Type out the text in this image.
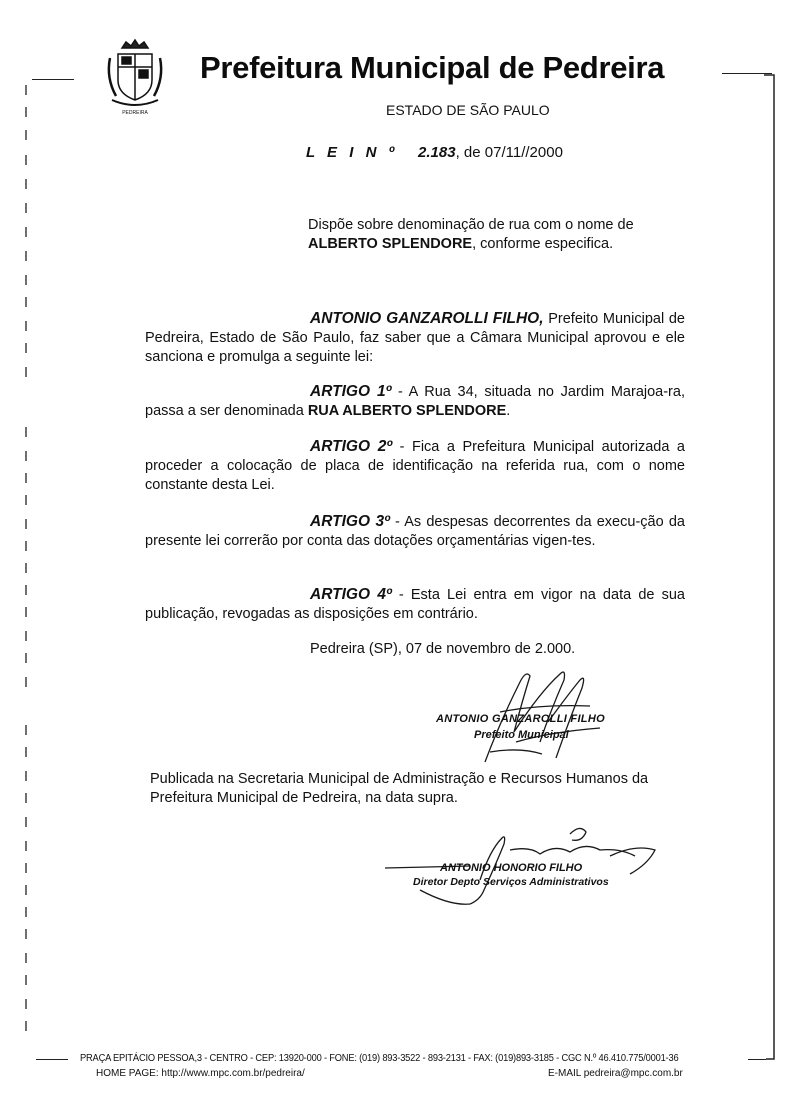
PEDREIRA
Prefeitura Municipal de Pedreira
ESTADO DE SÃO PAULO
L E I N º 2.183, de 07/11//2000
Dispõe sobre denominação de rua com o nome de
ALBERTO SPLENDORE, conforme especifica.
ANTONIO GANZAROLLI FILHO, Prefeito Municipal de Pedreira, Estado de São Paulo, faz saber que a Câmara Municipal aprovou e ele sanciona e promulga a seguinte lei:
ARTIGO 1º - A Rua 34, situada no Jardim Marajoa-ra, passa a ser denominada RUA ALBERTO SPLENDORE.
ARTIGO 2º - Fica a Prefeitura Municipal autorizada a proceder a colocação de placa de identificação na referida rua, com o nome constante desta Lei.
ARTIGO 3º - As despesas decorrentes da execu-ção da presente lei correrão por conta das dotações orçamentárias vigen-tes.
ARTIGO 4º - Esta Lei entra em vigor na data de sua publicação, revogadas as disposições em contrário.
Pedreira (SP), 07 de novembro de 2.000.
ANTONIO GANZAROLLI FILHO
Prefeito Municipal
Publicada na Secretaria Municipal de Administração e Recursos Humanos da Prefeitura Municipal de Pedreira, na data supra.
ANTONIO HONORIO FILHO
Diretor Depto Serviços Administrativos
PRAÇA EPITÁCIO PESSOA,3 - CENTRO - CEP: 13920-000 - FONE: (019) 893-3522 - 893-2131 - FAX: (019)893-3185 - CGC N.º 46.410.775/0001-36
HOME PAGE: http://www.mpc.com.br/pedreira/	E-MAIL pedreira@mpc.com.br
